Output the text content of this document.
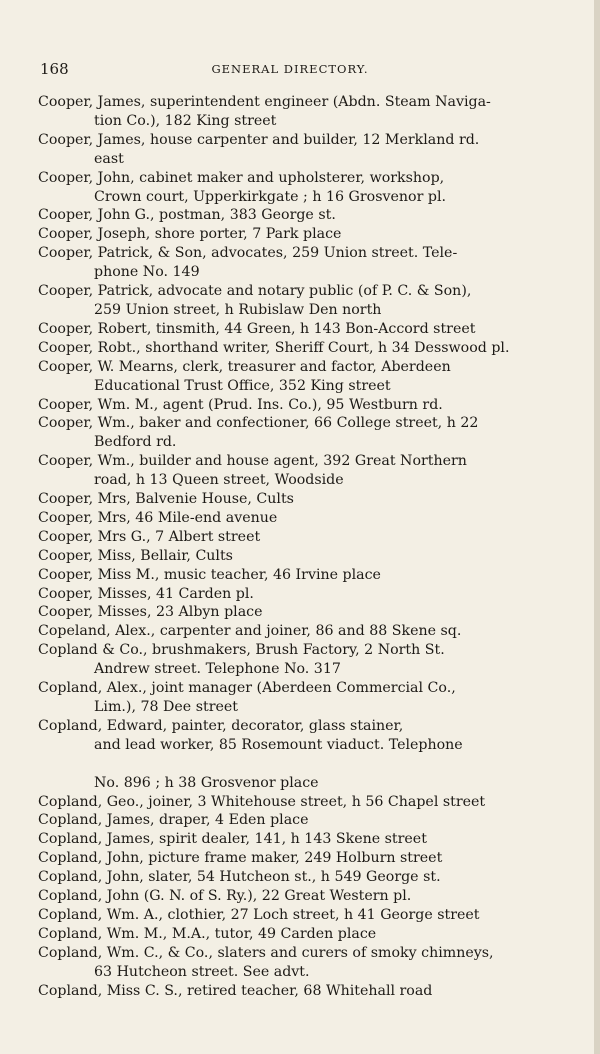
168	GENERAL DIRECTORY.

Cooper, James, superintendent engineer (Abdn. Steam Naviga-

tion Co.), 182 King street

Cooper, James, house carpenter and builder, 12 Merkland rd.

east

Cooper, John, cabinet maker and upholsterer, workshop,

Crown court, Upperkirkgate ; h 16 Grosvenor pl.

Cooper, John G., postman, 383 George st.

Cooper, Joseph, shore porter, 7 Park place

Cooper, Patrick, & Son, advocates, 259 Union street. Tele-

phone No. 149

Cooper, Patrick, advocate and notary public (of P. C. & Son),

259 Union street, h Rubislaw Den north

Cooper, Robert, tinsmith, 44 Green, h 143 Bon-Accord street

Cooper, Robt., shorthand writer, Sheriff Court, h 34 Desswood pl.

Cooper, W. Mearns, clerk, treasurer and factor, Aberdeen

Educational Trust Office, 352 King street

Cooper, Wm. M., agent (Prud. Ins. Co.), 95 Westburn rd.

Cooper, Wm., baker and confectioner, 66 College street, h 22

Bedford rd.

Cooper, Wm., builder and house agent, 392 Great Northern

road, h 13 Queen street, Woodside

Cooper, Mrs, Balvenie House, Cults

Cooper, Mrs, 46 Mile-end avenue

Cooper, Mrs G., 7 Albert street

Cooper, Miss, Bellair, Cults

Cooper, Miss M., music teacher, 46 Irvine place

Cooper, Misses, 41 Carden pl.

Cooper, Misses, 23 Albyn place

Copeland, Alex., carpenter and joiner, 86 and 88 Skene sq.

Copland & Co., brushmakers, Brush Factory, 2 North St.

Andrew street. Telephone No. 317

Copland, Alex., joint manager (Aberdeen Commercial Co.,

Lim.), 78 Dee street

Copland, Edward, painter, decorator, glass stainer,

and lead worker, 85 Rosemount viaduct. Telephone

No. 896 ; h 38 Grosvenor place

Copland, Geo., joiner, 3 Whitehouse street, h 56 Chapel street

Copland, James, draper, 4 Eden place

Copland, James, spirit dealer, 141, h 143 Skene street

Copland, John, picture frame maker, 249 Holburn street

Copland, John, slater, 54 Hutcheon st., h 549 George st.

Copland, John (G. N. of S. Ry.), 22 Great Western pl.

Copland, Wm. A., clothier, 27 Loch street, h 41 George street

Copland, Wm. M., M.A., tutor, 49 Carden place

Copland, Wm. C., & Co., slaters and curers of smoky chimneys,

63 Hutcheon street. See advt.

Copland, Miss C. S., retired teacher, 68 Whitehall road
